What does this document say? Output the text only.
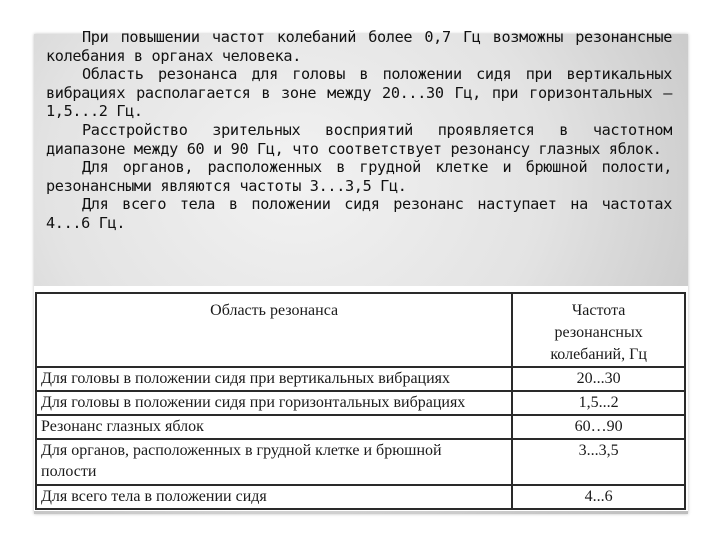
При повышении частот колебаний более 0,7 Гц возможны резонансные колебания в органах человека.

Область резонанса для головы в положении сидя при вертикальных вибрациях располагается в зоне между 20...30 Гц, при горизонтальных – 1,5...2 Гц.

Расстройство зрительных восприятий проявляется в частотном диапазоне между 60 и 90 Гц, что соответствует резонансу глазных яблок.

Для органов, расположенных в грудной клетке и брюшной полости, резонансными являются частоты 3...3,5 Гц.

Для всего тела в положении сидя резонанс наступает на частотах 4...6 Гц.

Область резонанса	Частота резонансных колебаний, Гц
Для головы в положении сидя при вертикальных вибрациях	20...30
Для головы в положении сидя при горизонтальных вибрациях	1,5...2
Резонанс глазных яблок	60…90
Для органов, расположенных в грудной клетке и брюшной полости	3...3,5
Для всего тела в положении сидя	4...6
